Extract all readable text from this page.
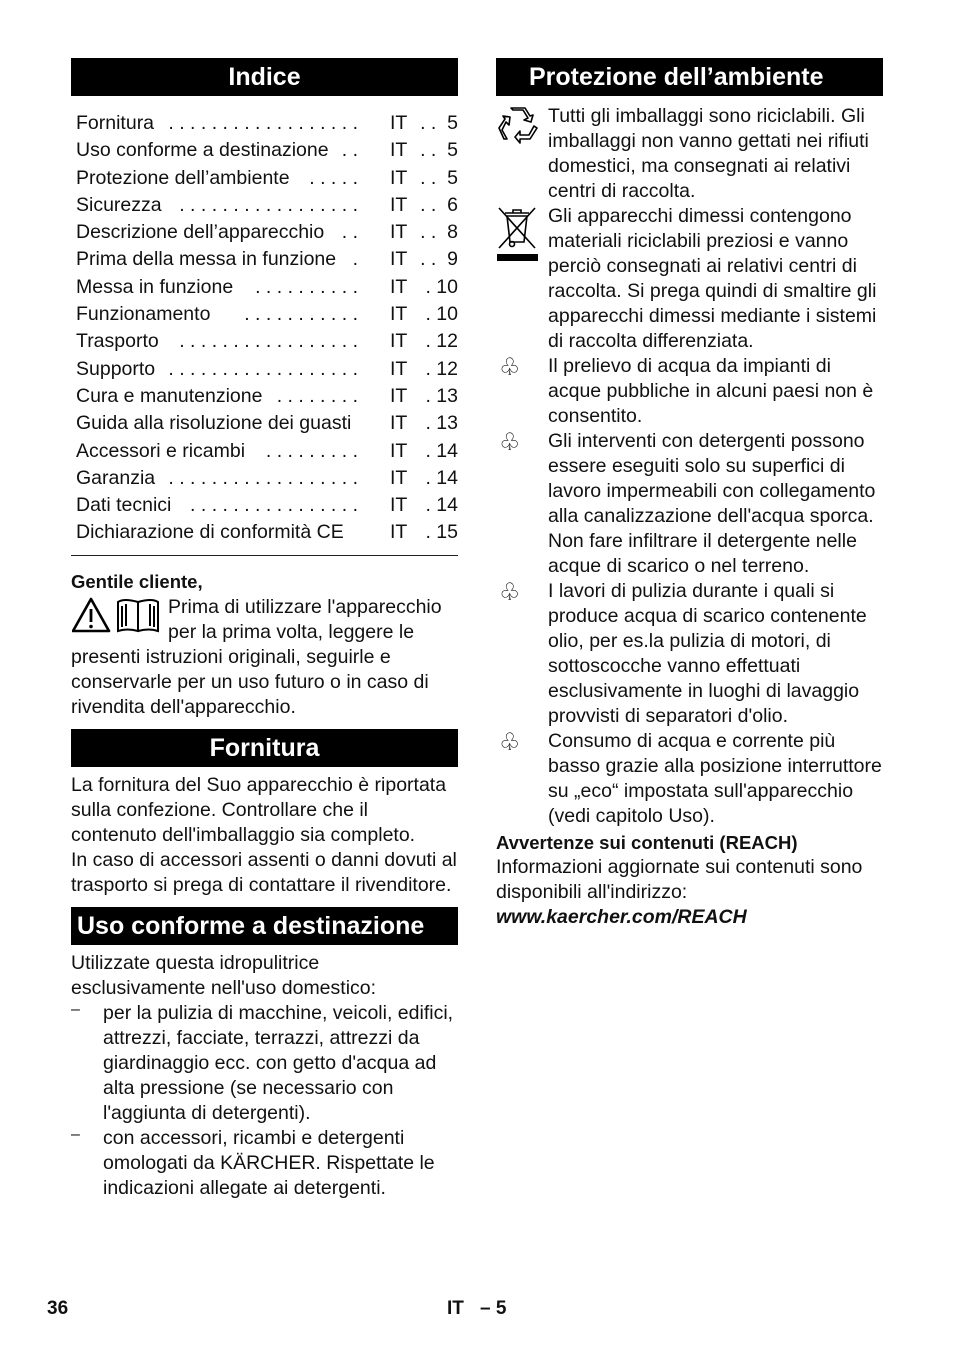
Indice
Fornitura . . . . . . . . . . . . . . . . . . IT . .  5
Uso conforme a destinazione . . IT . .  5
Protezione dell’ambiente . . . . . IT . .  5
Sicurezza . . . . . . . . . . . . . . . . . IT . .  6
Descrizione dell’apparecchio . . IT . .  8
Prima della messa in funzione . IT . .  9
Messa in funzione . . . . . . . . . . IT . 10
Funzionamento . . . . . . . . . . . IT . 10
Trasporto . . . . . . . . . . . . . . . . . IT . 12
Supporto . . . . . . . . . . . . . . . . . . IT . 12
Cura e manutenzione . . . . . . . . IT . 13
Guida alla risoluzione dei guasti IT . 13
Accessori e ricambi . . . . . . . . . IT . 14
Garanzia . . . . . . . . . . . . . . . . . . IT . 14
Dati tecnici . . . . . . . . . . . . . . . . IT . 14
Dichiarazione di conformità CE IT . 15
Gentile cliente,

Prima di utilizzare l'apparecchio per la prima volta, leggere le

presenti istruzioni originali, seguirle e conservarle per un uso futuro o in caso di rivendita dell'apparecchio.

Fornitura

La fornitura del Suo apparecchio è riportata sulla confezione. Controllare che il contenuto dell'imballaggio sia completo.

In caso di accessori assenti o danni dovuti al trasporto si prega di contattare il rivenditore.

Uso conforme a destinazione

Utilizzate questa idropulitrice esclusivamente nell'uso domestico:

– per la pulizia di macchine, veicoli, edifici, attrezzi, facciate, terrazzi, attrezzi da giardinaggio ecc. con getto d'acqua ad alta pressione (se necessario con l'aggiunta di detergenti).

– con accessori, ricambi e detergenti omologati da KÄRCHER. Rispettate le indicazioni allegate ai detergenti.

Protezione dell’ambiente

Tutti gli imballaggi sono riciclabili. Gli imballaggi non vanno gettati nei rifiuti domestici, ma consegnati ai relativi centri di raccolta.

Gli apparecchi dimessi contengono materiali riciclabili preziosi e vanno perciò consegnati ai relativi centri di raccolta. Si prega quindi di smaltire gli apparecchi dimessi mediante i sistemi di raccolta differenziata.

♧ Il prelievo di acqua da impianti di acque pubbliche in alcuni paesi non è consentito.

♧ Gli interventi con detergenti possono essere eseguiti solo su superfici di lavoro impermeabili con collegamento alla canalizzazione dell'acqua sporca. Non fare infiltrare il detergente nelle acque di scarico o nel terreno.

♧ I lavori di pulizia durante i quali si produce acqua di scarico contenente olio, per es.la pulizia di motori, di sottoscocche vanno effettuati esclusivamente in luoghi di lavaggio provvisti di separatori d'olio.

♧ Consumo di acqua e corrente più basso grazie alla posizione interruttore su „eco“ impostata sull'apparecchio (vedi capitolo Uso).

Avvertenze sui contenuti (REACH)

Informazioni aggiornate sui contenuti sono disponibili all'indirizzo:

www.kaercher.com/REACH

36	IT – 5
